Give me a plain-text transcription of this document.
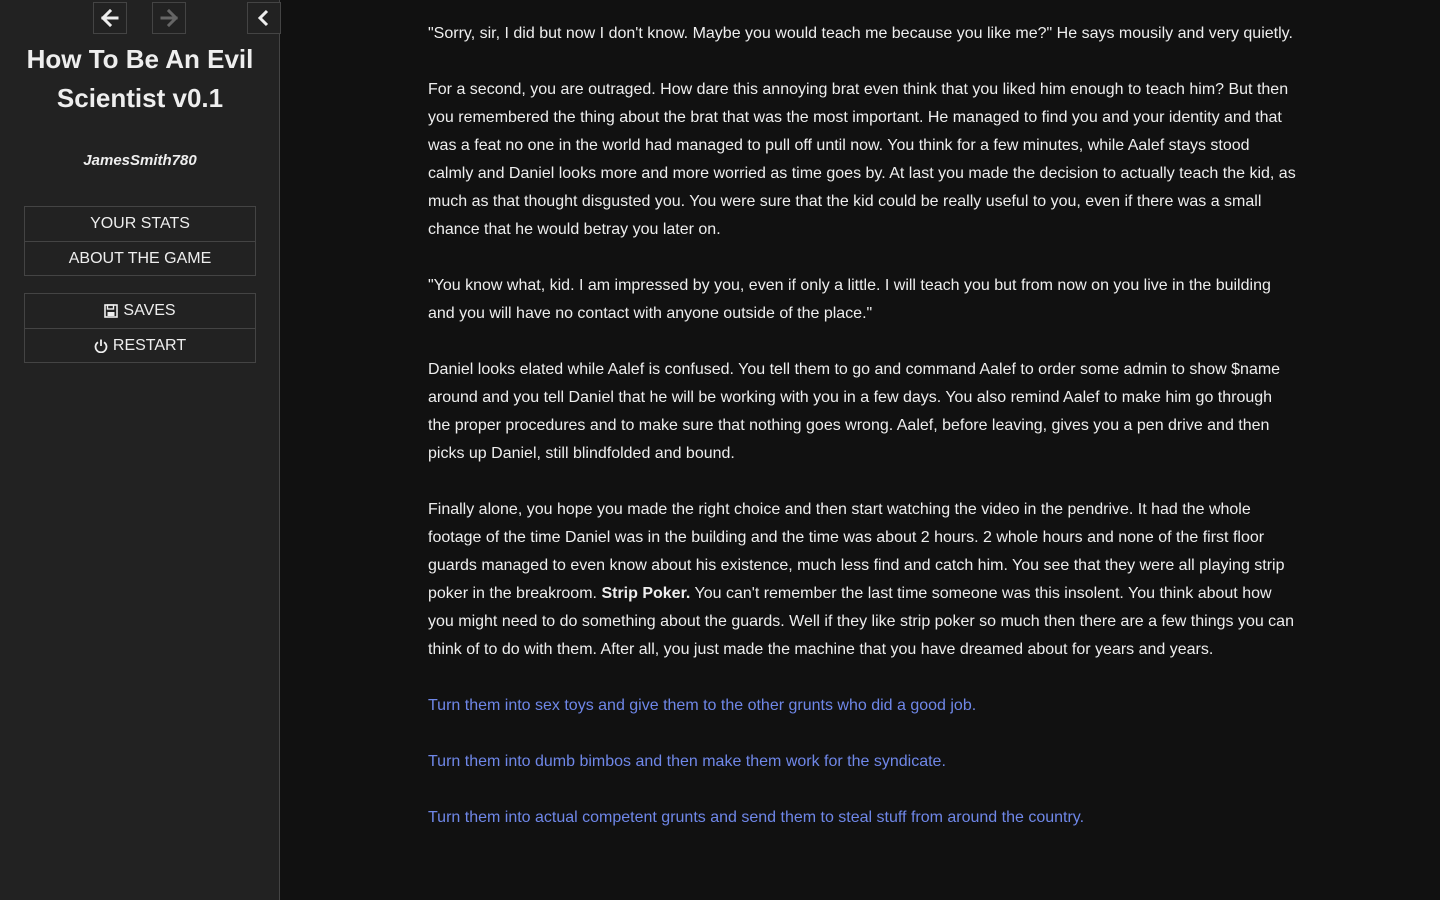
How To Be An Evil Scientist v0.1
JamesSmith780
YOUR STATS
ABOUT THE GAME
SAVES
RESTART

"Sorry, sir, I did but now I don't know. Maybe you would teach me because you like me?" He says mousily and very quietly.

For a second, you are outraged. How dare this annoying brat even think that you liked him enough to teach him? But then you remembered the thing about the brat that was the most important. He managed to find you and your identity and that was a feat no one in the world had managed to pull off until now. You think for a few minutes, while Aalef stays stood calmly and Daniel looks more and more worried as time goes by. At last you made the decision to actually teach the kid, as much as that thought disgusted you. You were sure that the kid could be really useful to you, even if there was a small chance that he would betray you later on.

"You know what, kid. I am impressed by you, even if only a little. I will teach you but from now on you live in the building and you will have no contact with anyone outside of the place."

Daniel looks elated while Aalef is confused. You tell them to go and command Aalef to order some admin to show $name around and you tell Daniel that he will be working with you in a few days. You also remind Aalef to make him go through the proper procedures and to make sure that nothing goes wrong. Aalef, before leaving, gives you a pen drive and then picks up Daniel, still blindfolded and bound.

Finally alone, you hope you made the right choice and then start watching the video in the pendrive. It had the whole footage of the time Daniel was in the building and the time was about 2 hours. 2 whole hours and none of the first floor guards managed to even know about his existence, much less find and catch him. You see that they were all playing strip poker in the breakroom. Strip Poker. You can't remember the last time someone was this insolent. You think about how you might need to do something about the guards. Well if they like strip poker so much then there are a few things you can think of to do with them. After all, you just made the machine that you have dreamed about for years and years.

Turn them into sex toys and give them to the other grunts who did a good job.

Turn them into dumb bimbos and then make them work for the syndicate.

Turn them into actual competent grunts and send them to steal stuff from around the country.
